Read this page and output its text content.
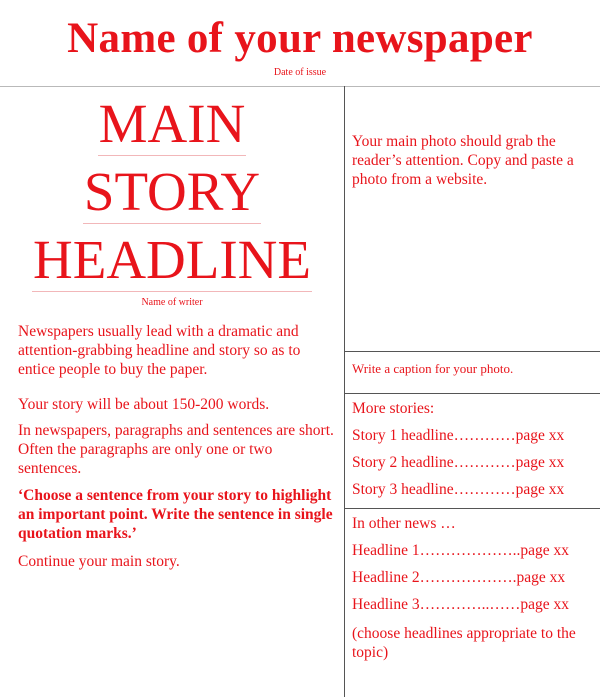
Name of your newspaper
Date of issue
MAIN
STORY
HEADLINE
Name of writer

Newspapers usually lead with a dramatic and attention-grabbing headline and story so as to entice people to buy the paper.

Your story will be about 150-200 words.

In newspapers, paragraphs and sentences are short. Often the paragraphs are only one or two sentences.

‘Choose a sentence from your story to highlight an important point. Write the sentence in single quotation marks.’

Continue your main story.

Your main photo should grab the reader’s attention. Copy and paste a photo from a website.
Write a caption for your photo.
More stories:
Story 1 headline…………page xx
Story 2 headline…………page xx
Story 3 headline…………page xx
In other news …
Headline 1………………..page xx
Headline 2……………….page xx
Headline 3…………..……page xx
(choose headlines appropriate to the topic)
